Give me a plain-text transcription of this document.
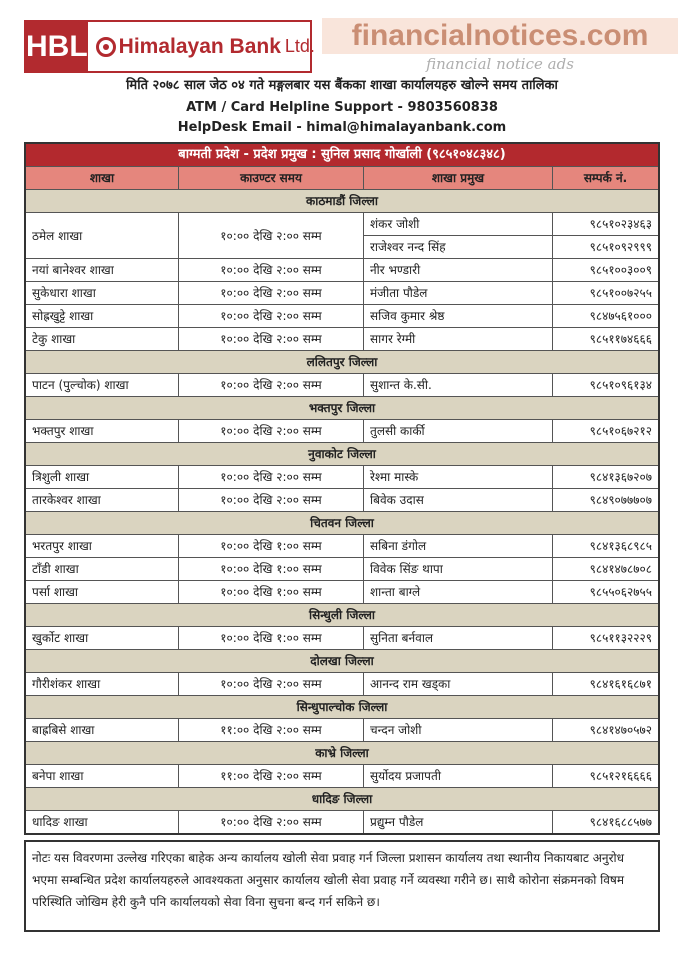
HBL Himalayan Bank Ltd.	financialnotices.com
financial notice ads
मिति २०७८ साल जेठ ०४ गते मङ्गलबार यस बैंकका शाखा कार्यालयहरु खोल्ने समय तालिका
ATM / Card Helpline Support - 9803560838
HelpDesk Email - himal@himalayanbank.com
बाग्मती प्रदेश - प्रदेश प्रमुख : सुनिल प्रसाद गोर्खाली (९८५१०४८३४८)			
शाखा	काउण्टर समय	शाखा प्रमुख	सम्पर्क नं.
काठमाडौं जिल्ला			
ठमेल शाखा	१०:०० देखि २:०० सम्म	शंकर जोशी	९८५१०२३४६३
		राजेश्वर नन्द सिंह	९८५१०९२९९९
नयां बानेश्वर शाखा	१०:०० देखि २:०० सम्म	नीर भण्डारी	९८५१००३००९
सुकेधारा शाखा	१०:०० देखि २:०० सम्म	मंजीता पौडेल	९८५१००७२५५
सोह्रखुट्टे शाखा	१०:०० देखि २:०० सम्म	सजिव कुमार श्रेष्ठ	९८४७५६१०००
टेकु शाखा	१०:०० देखि २:०० सम्म	सागर रेग्मी	९८५११७४६६६
ललितपुर जिल्ला			
पाटन (पुल्चोक) शाखा	१०:०० देखि २:०० सम्म	सुशान्त के.सी.	९८५१०९६१३४
भक्तपुर जिल्ला			
भक्तपुर शाखा	१०:०० देखि २:०० सम्म	तुलसी कार्की	९८५१०६७२१२
नुवाकोट जिल्ला			
त्रिशुली शाखा	१०:०० देखि २:०० सम्म	रेश्मा मास्के	९८४१३६७२०७
तारकेश्वर शाखा	१०:०० देखि २:०० सम्म	बिवेक उदास	९८४९०७७७०७
चितवन जिल्ला			
भरतपुर शाखा	१०:०० देखि १:०० सम्म	सबिना डंगोल	९८४१३६८९८५
टाँडी शाखा	१०:०० देखि १:०० सम्म	विवेक सिंङ थापा	९८४१४७८७०८
पर्सा शाखा	१०:०० देखि १:०० सम्म	शान्ता बाग्ले	९८५५०६२७५५
सिन्धुली जिल्ला			
खुर्कोट शाखा	१०:०० देखि १:०० सम्म	सुनिता बर्नवाल	९८५११३२२२९
दोलखा जिल्ला			
गौरीशंकर शाखा	१०:०० देखि २:०० सम्म	आनन्द राम खड्का	९८४१६१६८७१
सिन्धुपाल्चोक जिल्ला			
बाह्रबिसे शाखा	११:०० देखि २:०० सम्म	चन्दन जोशी	९८४१४७०५७२
काभ्रे जिल्ला			
बनेपा शाखा	११:०० देखि २:०० सम्म	सुर्योदय प्रजापती	९८५१२१६६६६
धादिङ जिल्ला			
धादिङ शाखा	१०:०० देखि २:०० सम्म	प्रद्युम्न पौडेल	९८४१६८८५७७
नोटः यस विवरणमा उल्लेख गरिएका बाहेक अन्य कार्यालय खोली सेवा प्रवाह गर्न जिल्ला प्रशासन कार्यालय तथा स्थानीय निकायबाट अनुरोध भएमा सम्बन्धित प्रदेश कार्यालयहरुले आवश्यकता अनुसार कार्यालय खोली सेवा प्रवाह गर्ने व्यवस्था गरीने छ। साथै कोरोना संक्रमनको विषम परिस्थिति जोखिम हेरी कुनै पनि कार्यालयको सेवा विना सुचना बन्द गर्न सकिने छ।
